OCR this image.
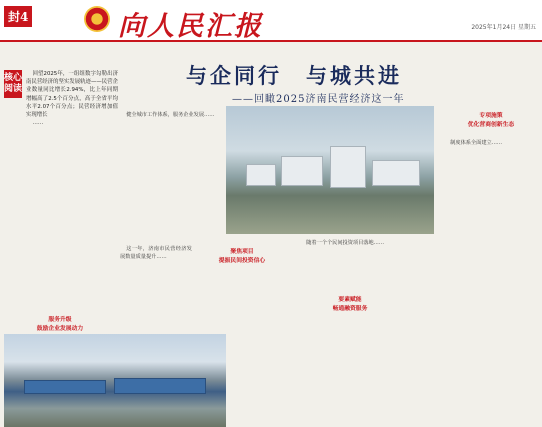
封4	向人民汇报	2025年1月24日 星期五
核心阅读

回望2025年，一组组数字勾勒出济南民营经济的坚实发展轨迹——民营企业数量同比增长2.94%，比上年同期增幅高了2.5个百分点，高于全省平均水平2.07个百分点；民营经济增加值实现增长

……

与企同行　与城共进
——回瞰2025济南民营经济这一年
服务升级
鼓励企业发展动力
聚焦项目
提振民间投资信心
要素赋能
畅通融资服务
专项施策
优化营商创新生态

健全城市工作体系，服务企业发展……

这一年，济南市民营经济发展数量质量提升……

随着一个个民间投资项目落地……

制度体系全面建立……
